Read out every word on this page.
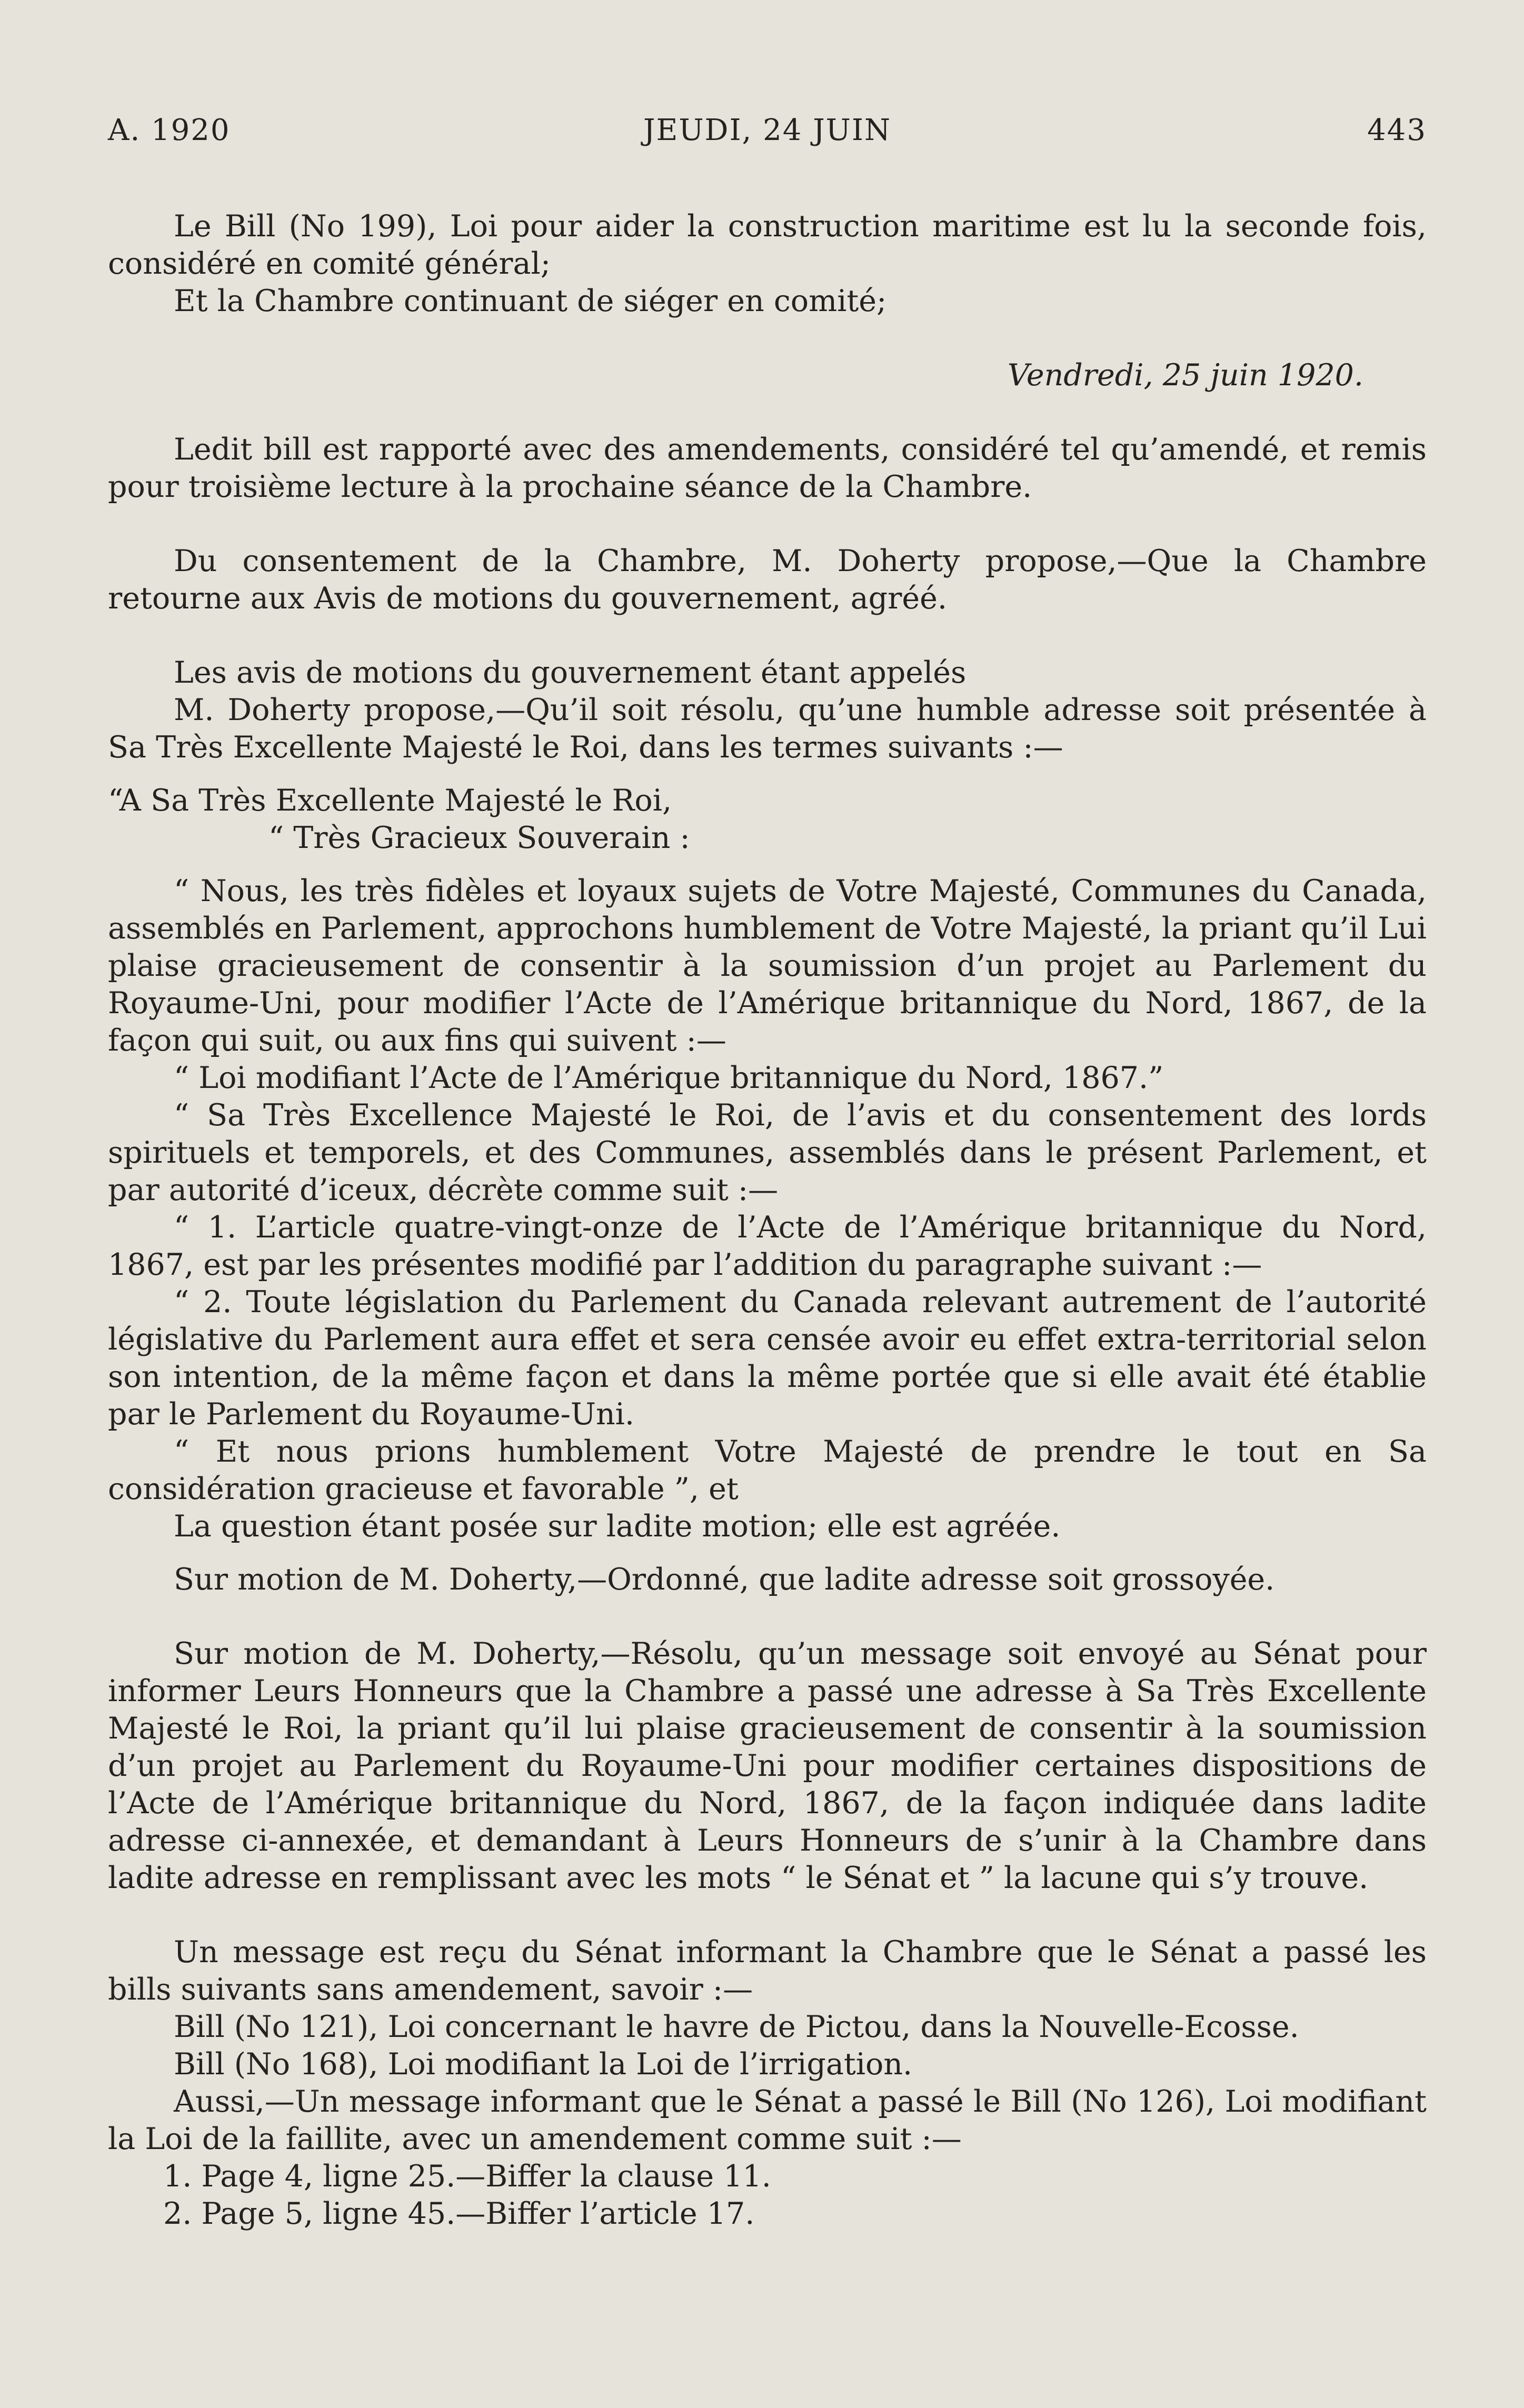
A. 1920	JEUDI, 24 JUIN	443

Le Bill (No 199), Loi pour aider la construction maritime est lu la seconde fois, considéré en comité général;

Et la Chambre continuant de siéger en comité;

Vendredi, 25 juin 1920.

Ledit bill est rapporté avec des amendements, considéré tel qu’amendé, et remis pour troisième lecture à la prochaine séance de la Chambre.

Du consentement de la Chambre, M. Doherty propose,—Que la Chambre retourne aux Avis de motions du gouvernement, agréé.

Les avis de motions du gouvernement étant appelés

M. Doherty propose,—Qu’il soit résolu, qu’une humble adresse soit présentée à Sa Très Excellente Majesté le Roi, dans les termes suivants :—

“A Sa Très Excellente Majesté le Roi,

“ Très Gracieux Souverain :

“ Nous, les très fidèles et loyaux sujets de Votre Majesté, Communes du Canada, assemblés en Parlement, approchons humblement de Votre Majesté, la priant qu’il Lui plaise gracieusement de consentir à la soumission d’un projet au Parlement du Royaume-Uni, pour modifier l’Acte de l’Amérique britannique du Nord, 1867, de la façon qui suit, ou aux fins qui suivent :—

“ Loi modifiant l’Acte de l’Amérique britannique du Nord, 1867.”

“ Sa Très Excellence Majesté le Roi, de l’avis et du consentement des lords spirituels et temporels, et des Communes, assemblés dans le présent Parlement, et par autorité d’iceux, décrète comme suit :—

“ 1. L’article quatre-vingt-onze de l’Acte de l’Amérique britannique du Nord, 1867, est par les présentes modifié par l’addition du paragraphe suivant :—

“ 2. Toute législation du Parlement du Canada relevant autrement de l’autorité législative du Parlement aura effet et sera censée avoir eu effet extra-territorial selon son intention, de la même façon et dans la même portée que si elle avait été établie par le Parlement du Royaume-Uni.

“ Et nous prions humblement Votre Majesté de prendre le tout en Sa considération gracieuse et favorable ”, et

La question étant posée sur ladite motion; elle est agréée.

Sur motion de M. Doherty,—Ordonné, que ladite adresse soit grossoyée.

Sur motion de M. Doherty,—Résolu, qu’un message soit envoyé au Sénat pour informer Leurs Honneurs que la Chambre a passé une adresse à Sa Très Excellente Majesté le Roi, la priant qu’il lui plaise gracieusement de consentir à la soumission d’un projet au Parlement du Royaume-Uni pour modifier certaines dispositions de l’Acte de l’Amérique britannique du Nord, 1867, de la façon indiquée dans ladite adresse ci-annexée, et demandant à Leurs Honneurs de s’unir à la Chambre dans ladite adresse en remplissant avec les mots “ le Sénat et ” la lacune qui s’y trouve.

Un message est reçu du Sénat informant la Chambre que le Sénat a passé les bills suivants sans amendement, savoir :—

Bill (No 121), Loi concernant le havre de Pictou, dans la Nouvelle-Ecosse.

Bill (No 168), Loi modifiant la Loi de l’irrigation.

Aussi,—Un message informant que le Sénat a passé le Bill (No 126), Loi modifiant la Loi de la faillite, avec un amendement comme suit :—

1. Page 4, ligne 25.—Biffer la clause 11.

2. Page 5, ligne 45.—Biffer l’article 17.
